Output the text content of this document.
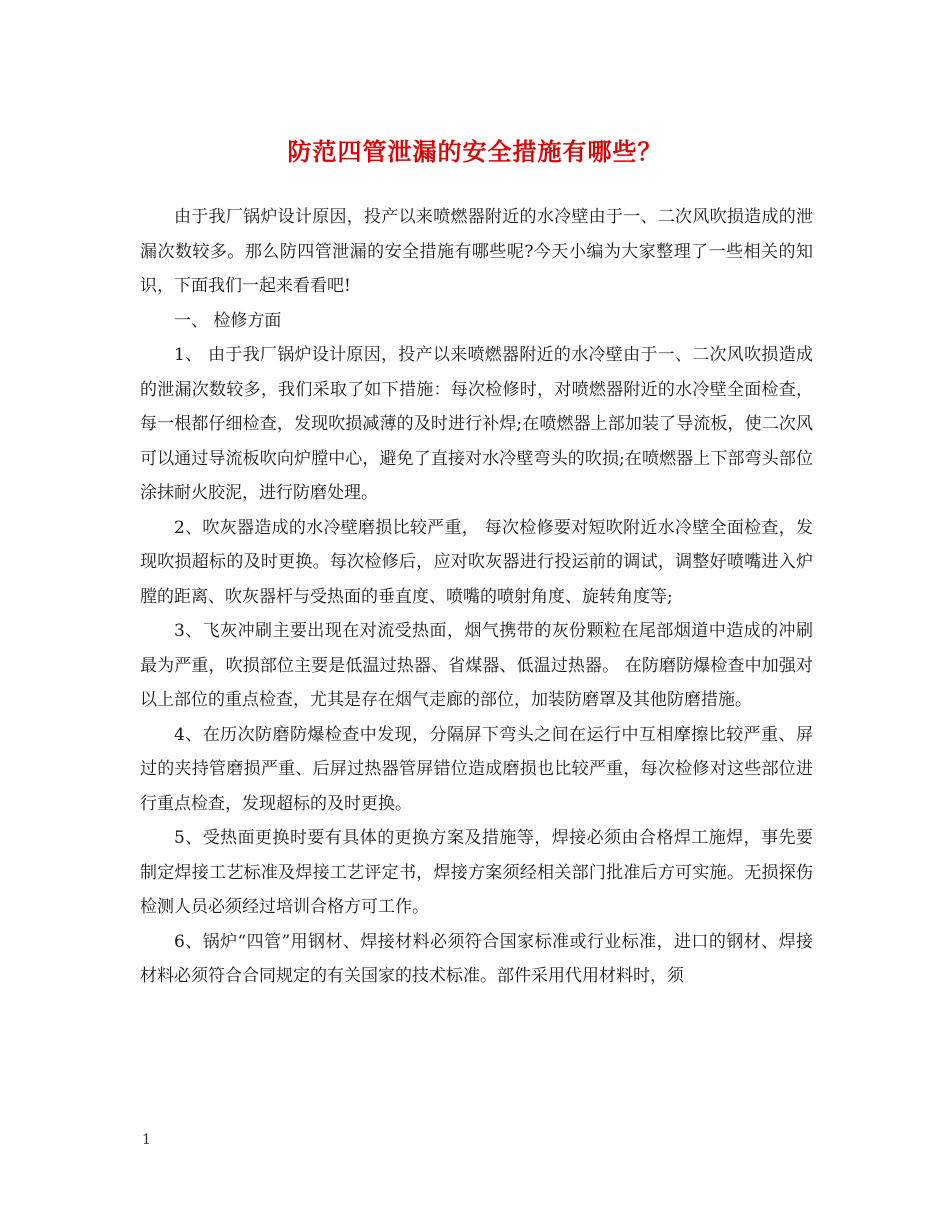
防范四管泄漏的安全措施有哪些？

由于我厂锅炉设计原因，投产以来喷燃器附近的水冷壁由于一、二次风吹损造成的泄漏次数较多。那么防四管泄漏的安全措施有哪些呢?今天小编为大家整理了一些相关的知识，下面我们一起来看看吧!

一、 检修方面

1、 由于我厂锅炉设计原因，投产以来喷燃器附近的水冷壁由于一、二次风吹损造成的泄漏次数较多，我们采取了如下措施：每次检修时，对喷燃器附近的水冷壁全面检查，每一根都仔细检查，发现吹损减薄的及时进行补焊;在喷燃器上部加装了导流板，使二次风可以通过导流板吹向炉膛中心，避免了直接对水冷壁弯头的吹损;在喷燃器上下部弯头部位涂抹耐火胶泥，进行防磨处理。

2、吹灰器造成的水冷壁磨损比较严重， 每次检修要对短吹附近水冷壁全面检查，发现吹损超标的及时更换。每次检修后，应对吹灰器进行投运前的调试，调整好喷嘴进入炉膛的距离、吹灰器杆与受热面的垂直度、喷嘴的喷射角度、旋转角度等;

3、飞灰冲刷主要出现在对流受热面，烟气携带的灰份颗粒在尾部烟道中造成的冲刷最为严重，吹损部位主要是低温过热器、省煤器、低温过热器。 在防磨防爆检查中加强对以上部位的重点检查，尤其是存在烟气走廊的部位，加装防磨罩及其他防磨措施。

4、在历次防磨防爆检查中发现，分隔屏下弯头之间在运行中互相摩擦比较严重、屏过的夹持管磨损严重、后屏过热器管屏错位造成磨损也比较严重，每次检修对这些部位进行重点检查，发现超标的及时更换。

5、受热面更换时要有具体的更换方案及措施等，焊接必须由合格焊工施焊，事先要制定焊接工艺标准及焊接工艺评定书，焊接方案须经相关部门批准后方可实施。无损探伤检测人员必须经过培训合格方可工作。

6、锅炉“四管”用钢材、焊接材料必须符合国家标准或行业标准，进口的钢材、焊接材料必须符合合同规定的有关国家的技术标准。部件采用代用材料时，须

1
